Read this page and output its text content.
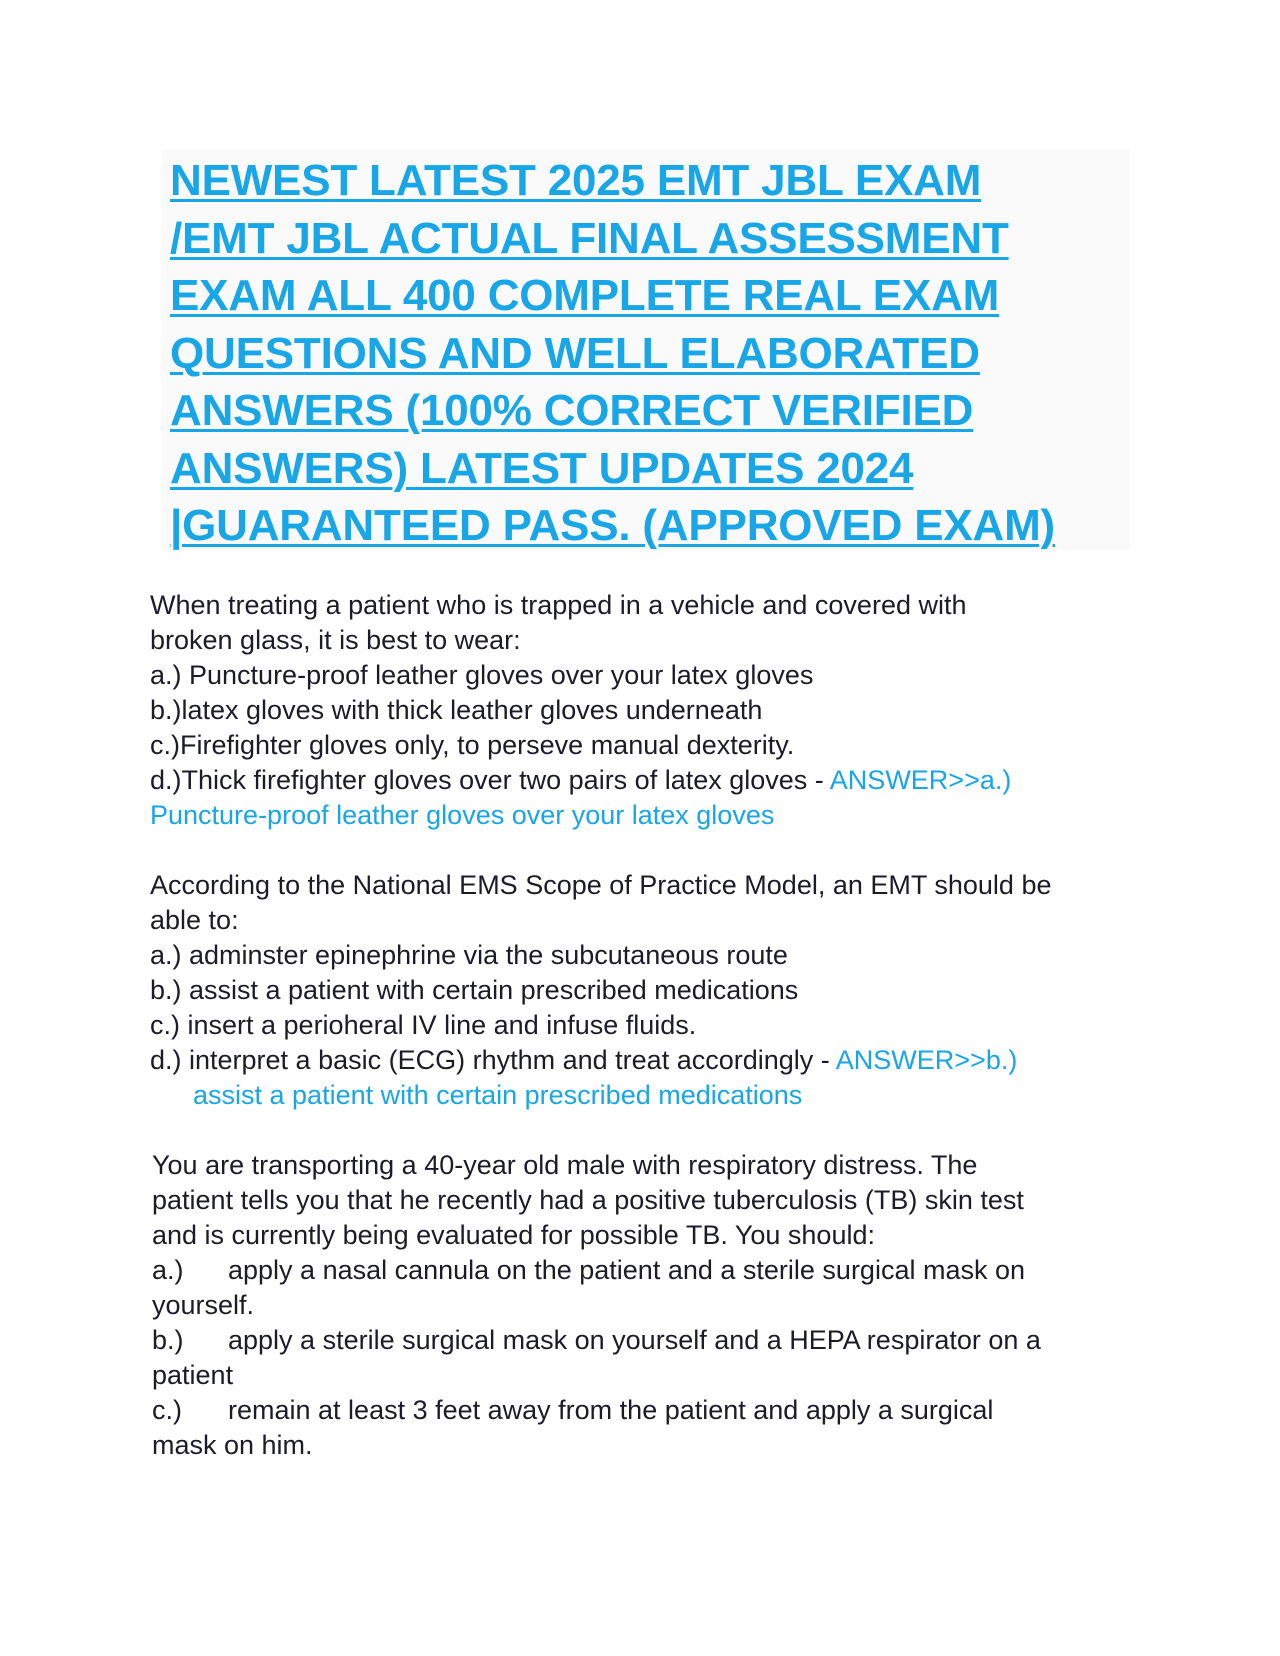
NEWEST LATEST 2025 EMT JBL EXAM
/EMT JBL ACTUAL FINAL ASSESSMENT
EXAM ALL 400 COMPLETE REAL EXAM
QUESTIONS AND WELL ELABORATED
ANSWERS (100% CORRECT VERIFIED
ANSWERS) LATEST UPDATES 2024
|GUARANTEED PASS. (APPROVED EXAM)
When treating a patient who is trapped in a vehicle and covered with
broken glass, it is best to wear:
a.) Puncture-proof leather gloves over your latex gloves
b.)latex gloves with thick leather gloves underneath
c.)Firefighter gloves only, to perseve manual dexterity.
d.)Thick firefighter gloves over two pairs of latex gloves - ANSWER>>a.)
Puncture-proof leather gloves over your latex gloves
According to the National EMS Scope of Practice Model, an EMT should be
able to:
a.) adminster epinephrine via the subcutaneous route
b.) assist a patient with certain prescribed medications
c.) insert a perioheral IV line and infuse fluids.
d.) interpret a basic (ECG) rhythm and treat accordingly - ANSWER>>b.)
assist a patient with certain prescribed medications
You are transporting a 40-year old male with respiratory distress. The
patient tells you that he recently had a positive tuberculosis (TB) skin test
and is currently being evaluated for possible TB. You should:
a.) apply a nasal cannula on the patient and a sterile surgical mask on
yourself.
b.) apply a sterile surgical mask on yourself and a HEPA respirator on a
patient
c.) remain at least 3 feet away from the patient and apply a surgical
mask on him.
